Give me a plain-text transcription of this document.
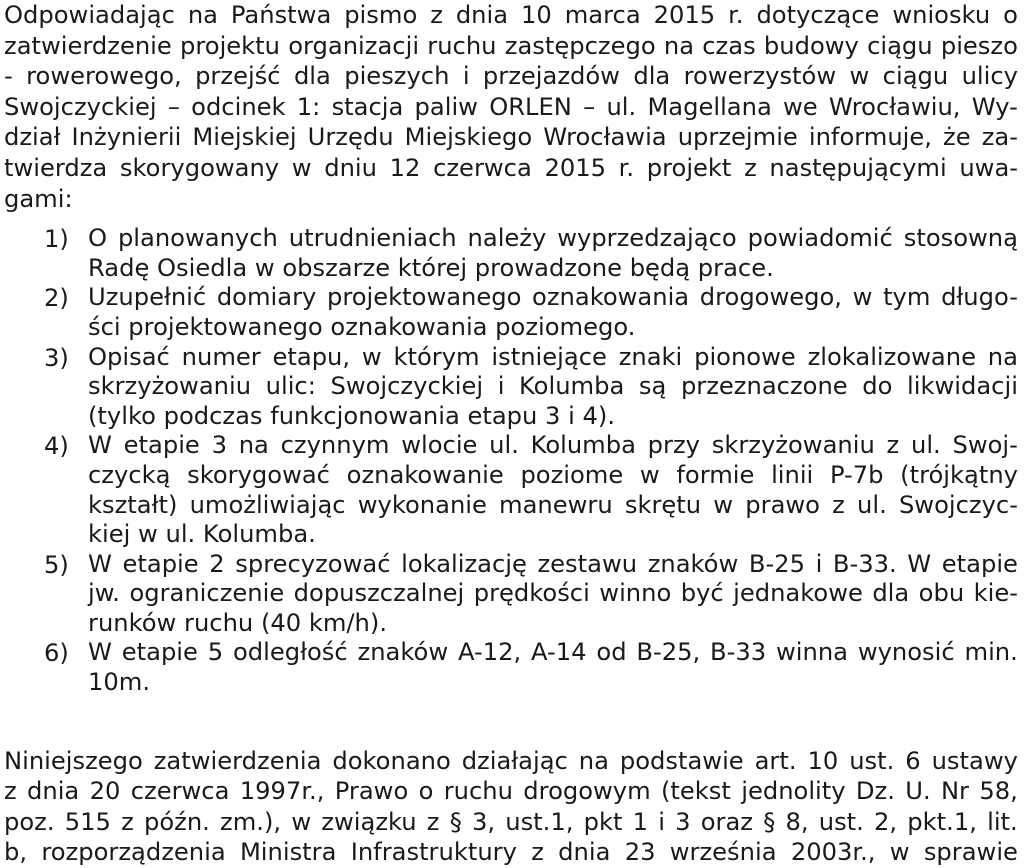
Odpowiadając na Państwa pismo z dnia 10 marca 2015 r. dotyczące wniosku o
zatwierdzenie projektu organizacji ruchu zastępczego na czas budowy ciągu pieszo
- rowerowego, przejść dla pieszych i przejazdów dla rowerzystów w ciągu ulicy
Swojczyckiej – odcinek 1: stacja paliw ORLEN – ul. Magellana we Wrocławiu, Wy-
dział Inżynierii Miejskiej Urzędu Miejskiego Wrocławia uprzejmie informuje, że za-
twierdza skorygowany w dniu 12 czerwca 2015 r. projekt z następującymi uwa-
gami:
1) O planowanych utrudnieniach należy wyprzedzająco powiadomić stosowną
Radę Osiedla w obszarze której prowadzone będą prace.
2) Uzupełnić domiary projektowanego oznakowania drogowego, w tym długo-
ści projektowanego oznakowania poziomego.
3) Opisać numer etapu, w którym istniejące znaki pionowe zlokalizowane na
skrzyżowaniu ulic: Swojczyckiej i Kolumba są przeznaczone do likwidacji
(tylko podczas funkcjonowania etapu 3 i 4).
4) W etapie 3 na czynnym wlocie ul. Kolumba przy skrzyżowaniu z ul. Swoj-
czycką skorygować oznakowanie poziome w formie linii P-7b (trójkątny
kształt) umożliwiając wykonanie manewru skrętu w prawo z ul. Swojczyc-
kiej w ul. Kolumba.
5) W etapie 2 sprecyzować lokalizację zestawu znaków B-25 i B-33. W etapie
jw. ograniczenie dopuszczalnej prędkości winno być jednakowe dla obu kie-
runków ruchu (40 km/h).
6) W etapie 5 odległość znaków A-12, A-14 od B-25, B-33 winna wynosić min.
10m.
Niniejszego zatwierdzenia dokonano działając na podstawie art. 10 ust. 6 ustawy
z dnia 20 czerwca 1997r., Prawo o ruchu drogowym (tekst jednolity Dz. U. Nr 58,
poz. 515 z późn. zm.), w związku z § 3, ust.1, pkt 1 i 3 oraz § 8, ust. 2, pkt.1, lit.
b, rozporządzenia Ministra Infrastruktury z dnia 23 września 2003r., w sprawie
